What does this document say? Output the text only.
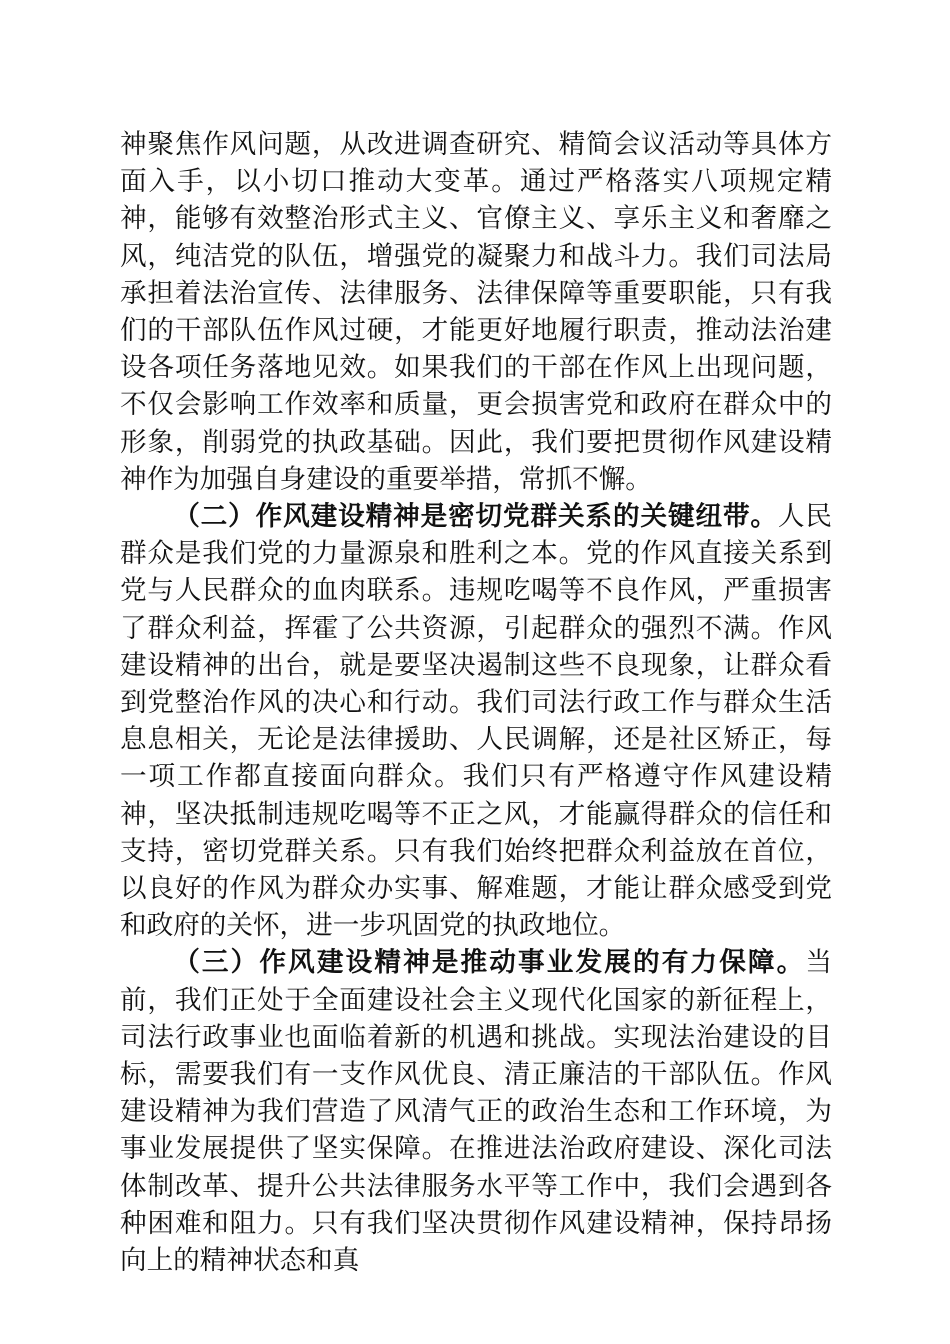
神聚焦作风问题，从改进调查研究、精简会议活动等具体方面入手，以小切口推动大变革。通过严格落实八项规定精神，能够有效整治形式主义、官僚主义、享乐主义和奢靡之风，纯洁党的队伍，增强党的凝聚力和战斗力。我们司法局承担着法治宣传、法律服务、法律保障等重要职能，只有我们的干部队伍作风过硬，才能更好地履行职责，推动法治建设各项任务落地见效。如果我们的干部在作风上出现问题，不仅会影响工作效率和质量，更会损害党和政府在群众中的形象，削弱党的执政基础。因此，我们要把贯彻作风建设精神作为加强自身建设的重要举措，常抓不懈。

（二）作风建设精神是密切党群关系的关键纽带。人民群众是我们党的力量源泉和胜利之本。党的作风直接关系到党与人民群众的血肉联系。违规吃喝等不良作风，严重损害了群众利益，挥霍了公共资源，引起群众的强烈不满。作风建设精神的出台，就是要坚决遏制这些不良现象，让群众看到党整治作风的决心和行动。我们司法行政工作与群众生活息息相关，无论是法律援助、人民调解，还是社区矫正，每一项工作都直接面向群众。我们只有严格遵守作风建设精神，坚决抵制违规吃喝等不正之风，才能赢得群众的信任和支持，密切党群关系。只有我们始终把群众利益放在首位，以良好的作风为群众办实事、解难题，才能让群众感受到党和政府的关怀，进一步巩固党的执政地位。

（三）作风建设精神是推动事业发展的有力保障。当前，我们正处于全面建设社会主义现代化国家的新征程上，司法行政事业也面临着新的机遇和挑战。实现法治建设的目标，需要我们有一支作风优良、清正廉洁的干部队伍。作风建设精神为我们营造了风清气正的政治生态和工作环境，为事业发展提供了坚实保障。在推进法治政府建设、深化司法体制改革、提升公共法律服务水平等工作中，我们会遇到各种困难和阻力。只有我们坚决贯彻作风建设精神，保持昂扬向上的精神状态和真
